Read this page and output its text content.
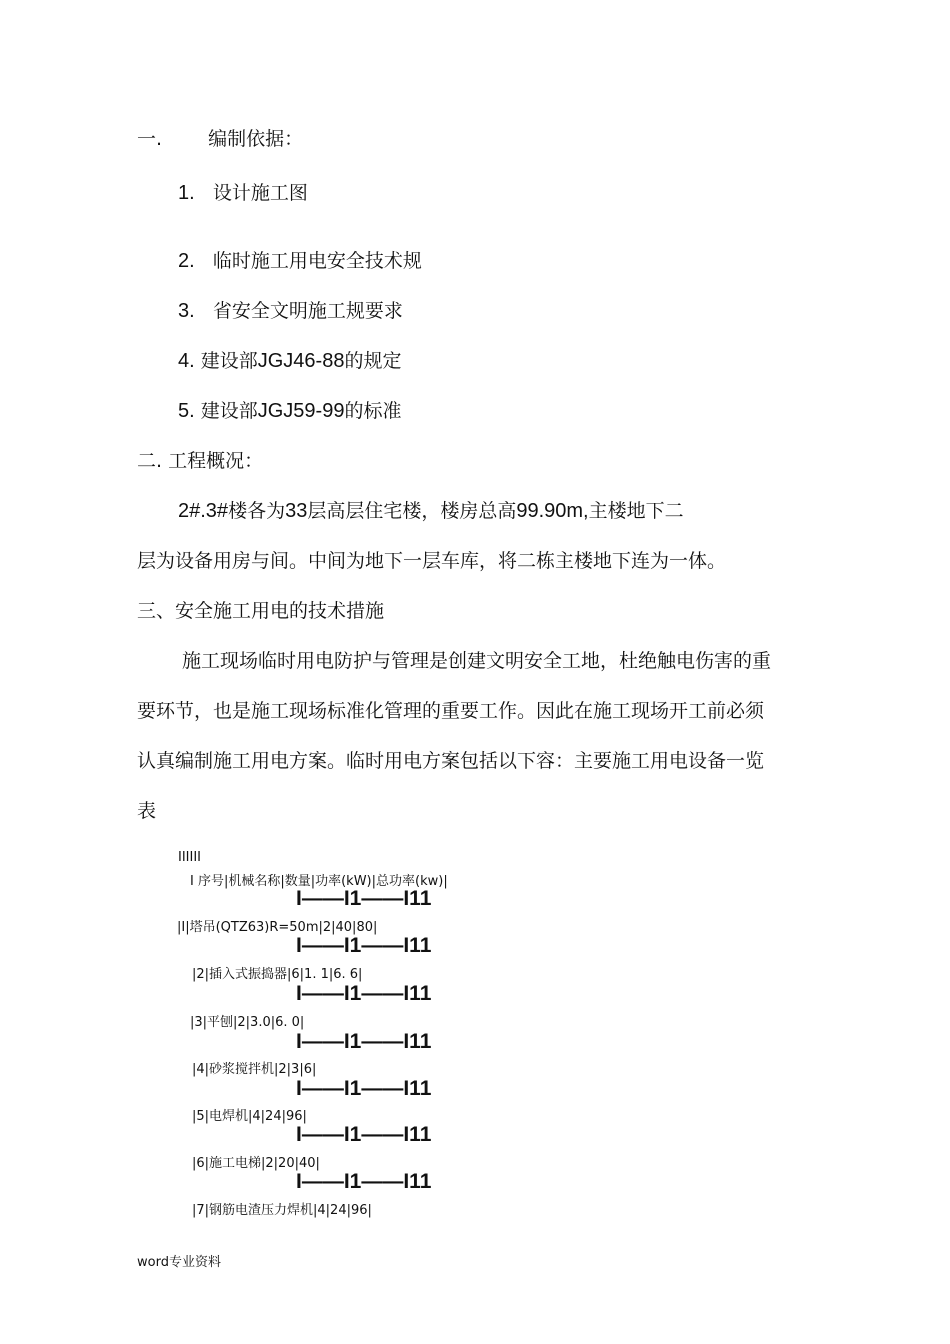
一. 编制依据：
1. 设计施工图
2. 临时施工用电安全技术规
3. 省安全文明施工规要求
4. 建设部JGJ46-88的规定
5. 建设部JGJ59-99的标准
二. 工程概况：
2#.3#楼各为33层高层住宅楼，楼房总高99.90m,主楼地下二
层为设备用房与间。中间为地下一层车库，将二栋主楼地下连为一体。
三、安全施工用电的技术措施
施工现场临时用电防护与管理是创建文明安全工地，杜绝触电伤害的重
要环节，也是施工现场标准化管理的重要工作。因此在施工现场开工前必须
认真编制施工用电方案。临时用电方案包括以下容：主要施工用电设备一览
表
IIIIII
I 序号|机械名称|数量|功率(kW)|总功率(kw)|
I——I1——I11
|I|塔吊(QTZ63)R=50m|2|40|80|
I——I1——I11
|2|插入式振捣器|6|1. 1|6. 6|
I——I1——I11
|3|平刨|2|3.0|6. 0|
I——I1——I11
|4|砂浆搅拌机|2|3|6|
I——I1——I11
|5|电焊机|4|24|96|
I——I1——I11
|6|施工电梯|2|20|40|
I——I1——I11
|7|钢筋电渣压力焊机|4|24|96|
word专业资料
